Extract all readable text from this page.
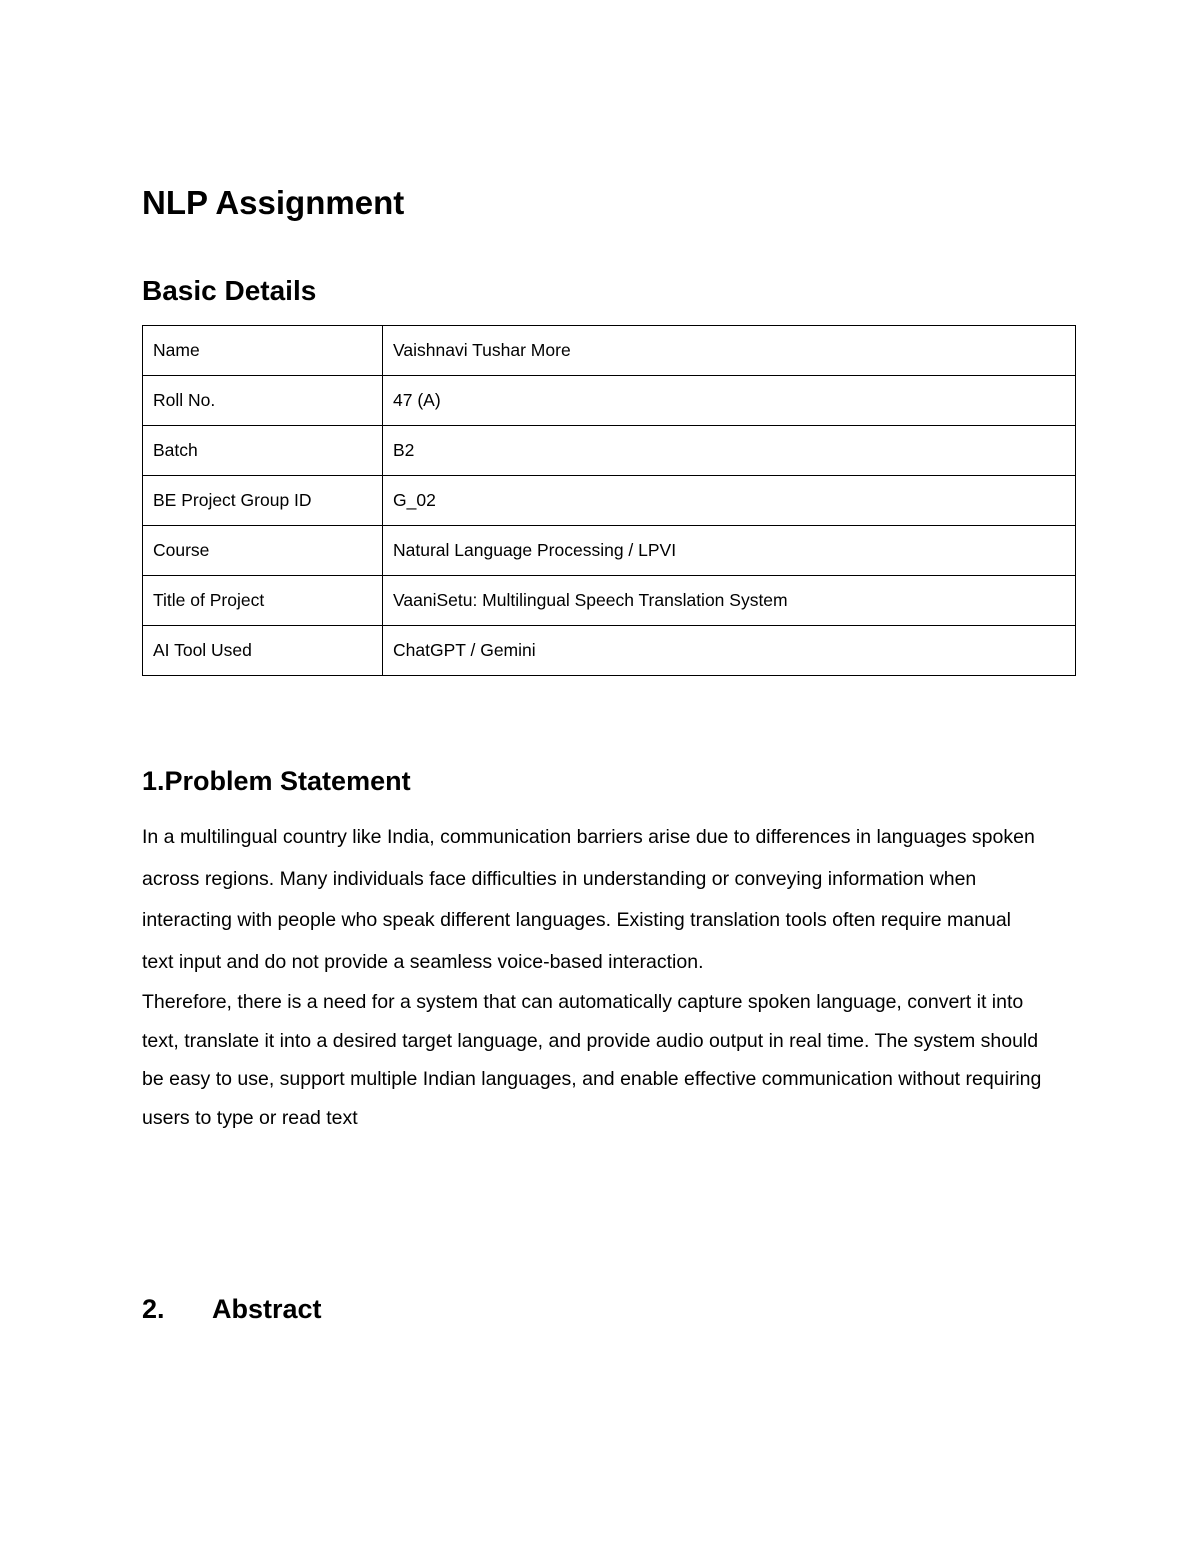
NLP Assignment
Basic Details
Name	Vaishnavi Tushar More
Roll No.	47 (A)
Batch	B2
BE Project Group ID	G_02
Course	Natural Language Processing / LPVI
Title of Project	VaaniSetu: Multilingual Speech Translation System
AI Tool Used	ChatGPT / Gemini
1.Problem Statement

In a multilingual country like India, communication barriers arise due to differences in languages spoken across regions. Many individuals face difficulties in understanding or conveying information when interacting with people who speak different languages. Existing translation tools often require manual text input and do not provide a seamless voice-based interaction.

Therefore, there is a need for a system that can automatically capture spoken language, convert it into text, translate it into a desired target language, and provide audio output in real time. The system should be easy to use, support multiple Indian languages, and enable effective communication without requiring users to type or read text

2. Abstract
